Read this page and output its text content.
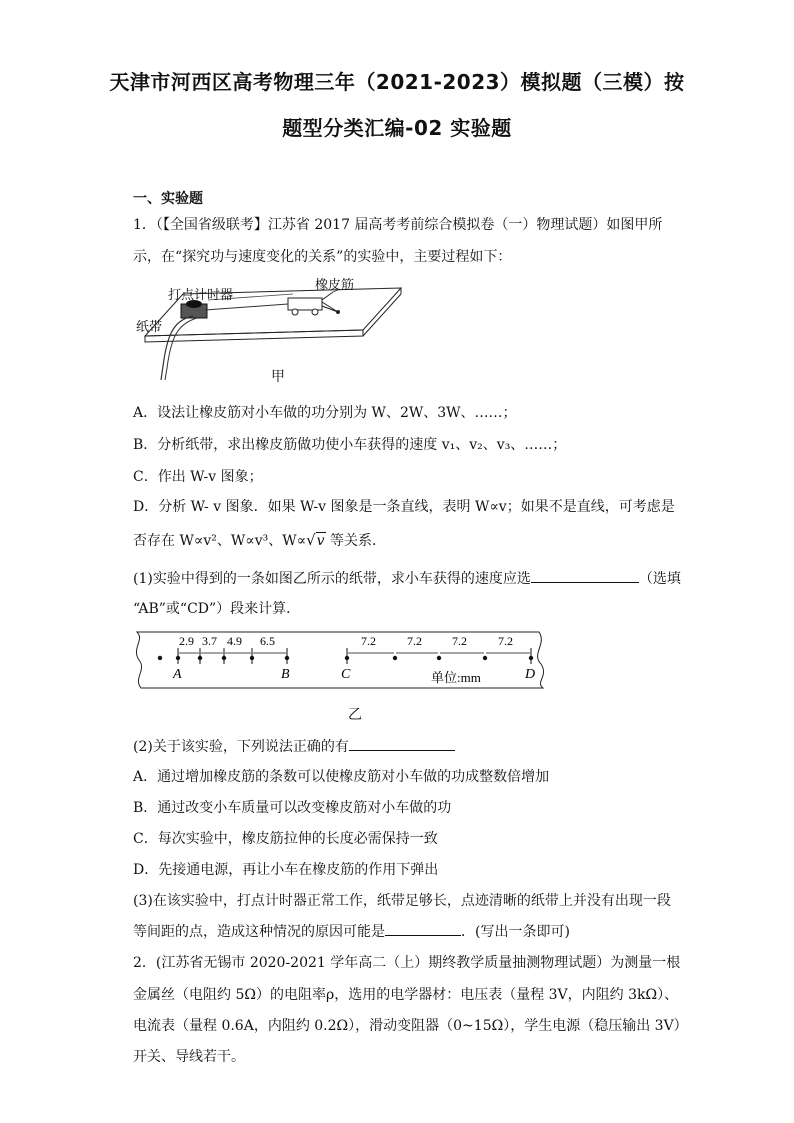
天津市河西区高考物理三年（2021-2023）模拟题（三模）按
题型分类汇编-02 实验题
一、实验题
1．（【全国省级联考】江苏省 2017 届高考考前综合模拟卷（一）物理试题）如图甲所
示，在“探究功与速度变化的关系”的实验中，主要过程如下：
打点计时器
橡皮筋
纸带
甲
A．设法让橡皮筋对小车做的功分别为 W、2W、3W、……；
B．分析纸带，求出橡皮筋做功使小车获得的速度 v₁、v₂、v₃、……；
C．作出 W-v 图象；
D．分析 W- v 图象．如果 W-v 图象是一条直线，表明 W∝v；如果不是直线，可考虑是
否存在 W∝v²、W∝v³、W∝√v 等关系．
(1)实验中得到的一条如图乙所示的纸带，求小车获得的速度应选	（选填
“AB”或“CD”）段来计算．
2.9 3.7 4.9 6.5	7.2	7.2	7.2	7.2
A	B	C	D
单位:mm
乙
(2)关于该实验，下列说法正确的有
A．通过增加橡皮筋的条数可以使橡皮筋对小车做的功成整数倍增加
B．通过改变小车质量可以改变橡皮筋对小车做的功
C．每次实验中，橡皮筋拉伸的长度必需保持一致
D．先接通电源，再让小车在橡皮筋的作用下弹出
(3)在该实验中，打点计时器正常工作，纸带足够长，点迹清晰的纸带上并没有出现一段
等间距的点，造成这种情况的原因可能是	．(写出一条即可)
2．(江苏省无锡市 2020-2021 学年高二（上）期终教学质量抽测物理试题）为测量一根
金属丝（电阻约 5Ω）的电阻率ρ，选用的电学器材：电压表（量程 3V，内阻约 3kΩ）、
电流表（量程 0.6A，内阻约 0.2Ω），滑动变阻器（0~15Ω），学生电源（稳压输出 3V）
开关、导线若干。
